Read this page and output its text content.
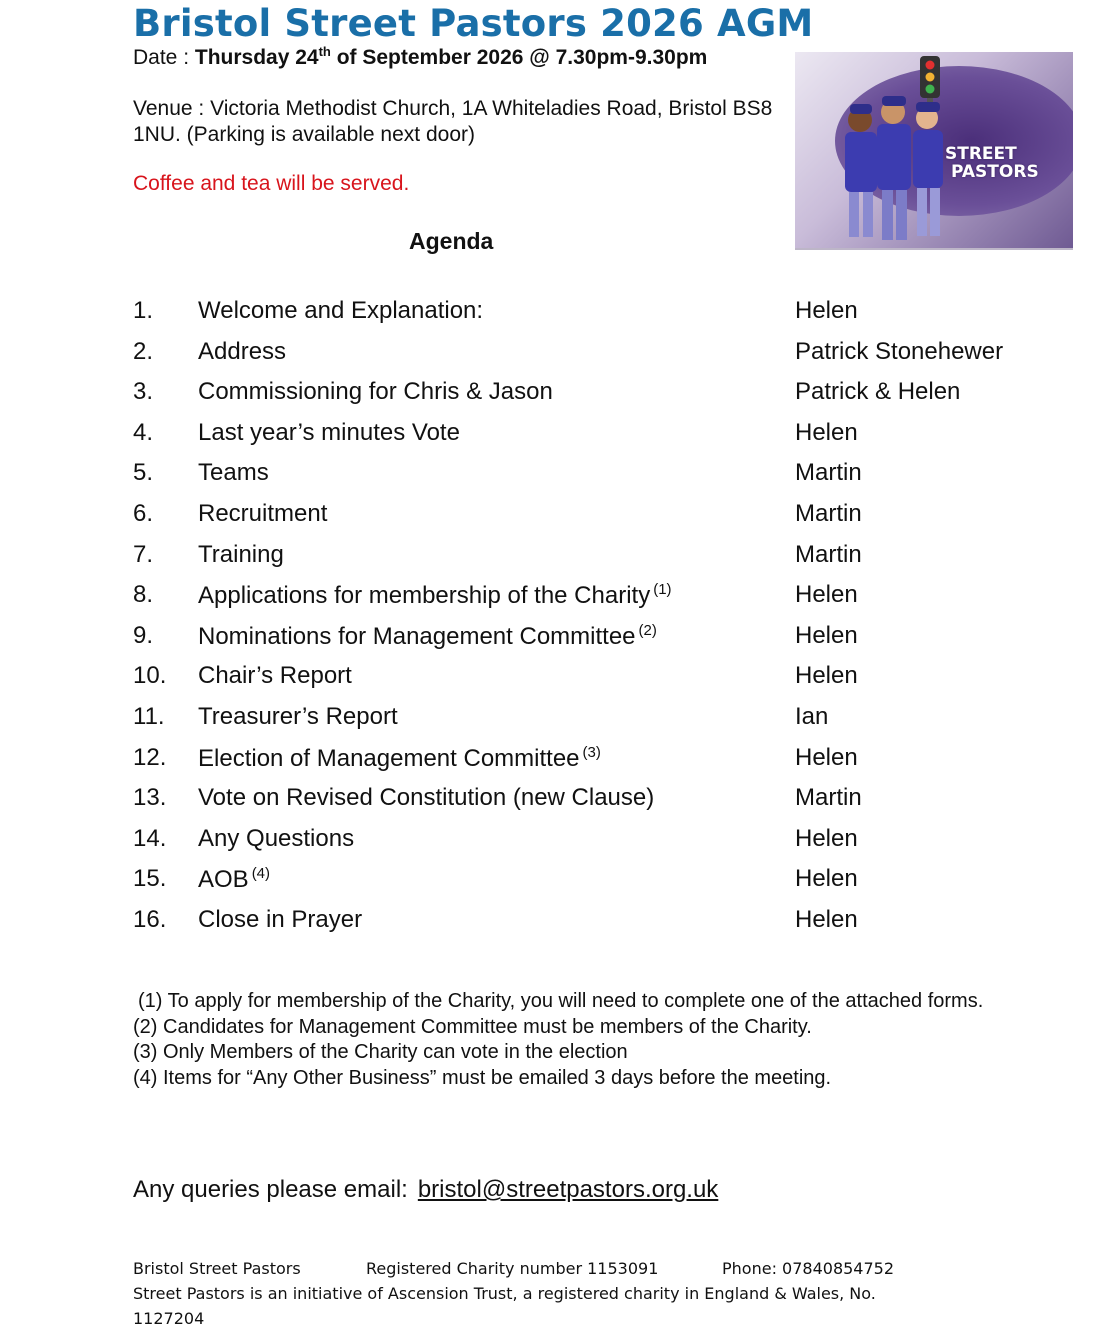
Bristol Street Pastors 2026 AGM
Date : Thursday 24th of September 2026 @ 7.30pm-9.30pm
Venue : Victoria Methodist Church, 1A Whiteladies Road, Bristol BS8 1NU. (Parking is available next door)
Coffee and tea will be served.
Agenda
STREET
PASTORS
1. Welcome and Explanation:	Helen
2. Address	Patrick Stonehewer
3. Commissioning for Chris & Jason	Patrick & Helen
4. Last year’s minutes Vote	Helen
5. Teams	Martin
6. Recruitment	Martin
7. Training	Martin
8. Applications for membership of the Charity $^{(1)}$	Helen
9. Nominations for Management Committee $^{(2)}$	Helen
10. Chair’s Report	Helen
11. Treasurer’s Report	Ian
12. Election of Management Committee $^{(3)}$	Helen
13. Vote on Revised Constitution (new Clause)	Martin
14. Any Questions	Helen
15. AOB $^{(4)}$	Helen
16. Close in Prayer	Helen
(1) To apply for membership of the Charity, you will need to complete one of the attached forms.
(2) Candidates for Management Committee must be members of the Charity.
(3) Only Members of the Charity can vote in the election
(4) Items for “Any Other Business” must be emailed 3 days before the meeting.
Any queries please email: bristol@streetpastors.org.uk
Bristol Street Pastors	Registered Charity number 1153091	Phone: 07840854752
Street Pastors is an initiative of Ascension Trust, a registered charity in England & Wales, No. 1127204
